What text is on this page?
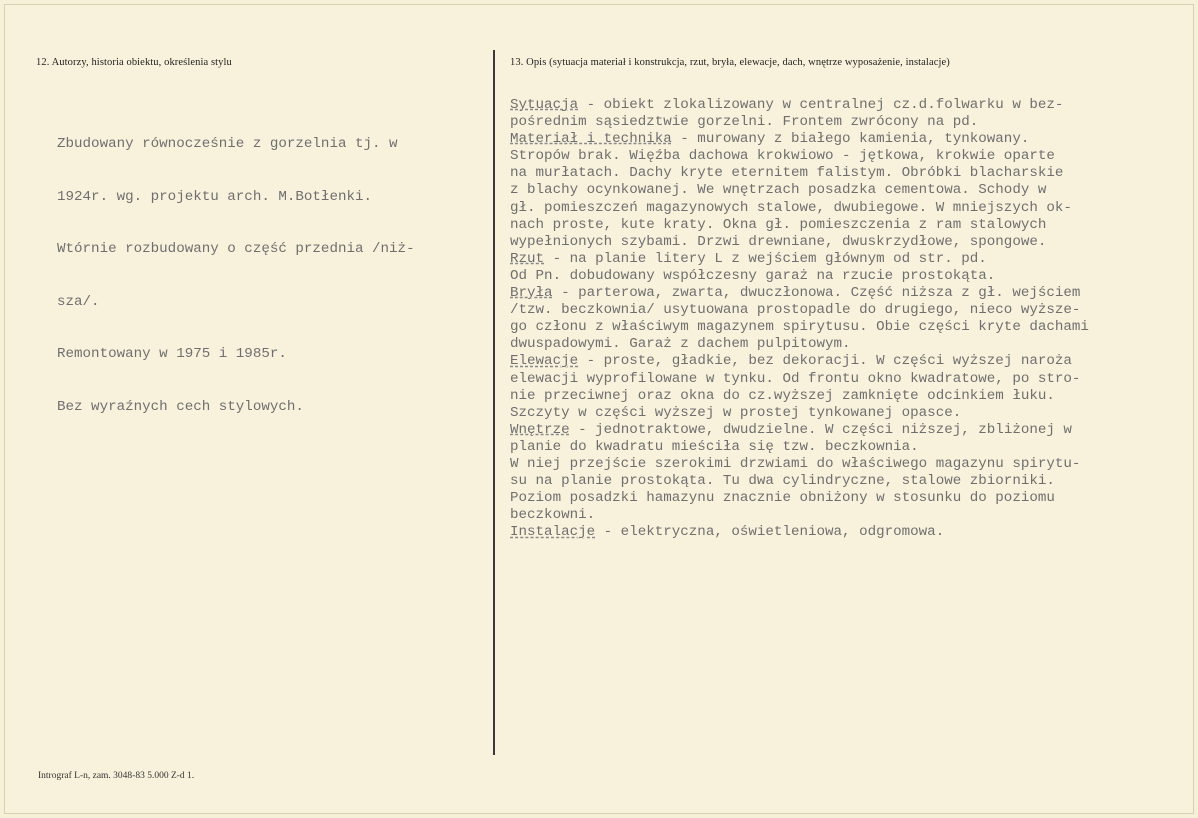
12. Autorzy, historia obiektu, określenia stylu	13. Opis (sytuacja materiał i konstrukcja, rzut, bryła, elewacje, dach, wnętrze wyposażenie, instalacje)

Zbudowany równocześnie z gorzelnia tj. w

1924r. wg. projektu arch. M.Botłenki.

Wtórnie rozbudowany o część przednia /niż-

sza/.

Remontowany w 1975 i 1985r.

Bez wyraźnych cech stylowych.

Sytuacja - obiekt zlokalizowany w centralnej cz.d.folwarku w bez-
pośrednim sąsiedztwie gorzelni. Frontem zwrócony na pd.
Materiał i technika - murowany z białego kamienia, tynkowany.
Stropów brak. Więźba dachowa krokwiowo - jętkowa, krokwie oparte
na murłatach. Dachy kryte eternitem falistym. Obróbki blacharskie
z blachy ocynkowanej. We wnętrzach posadzka cementowa. Schody w
gł. pomieszczeń magazynowych stalowe, dwubiegowe. W mniejszych ok-
nach proste, kute kraty. Okna gł. pomieszczenia z ram stalowych
wypełnionych szybami. Drzwi drewniane, dwuskrzydłowe, spongowe.
Rzut - na planie litery L z wejściem głównym od str. pd.
Od Pn. dobudowany współczesny garaż na rzucie prostokąta.
Bryła - parterowa, zwarta, dwuczłonowa. Część niższa z gł. wejściem
/tzw. beczkownia/ usytuowana prostopadle do drugiego, nieco wyższe-
go członu z właściwym magazynem spirytusu. Obie części kryte dachami
dwuspadowymi. Garaż z dachem pulpitowym.
Elewacje - proste, gładkie, bez dekoracji. W części wyższej naroża
elewacji wyprofilowane w tynku. Od frontu okno kwadratowe, po stro-
nie przeciwnej oraz okna do cz.wyższej zamknięte odcinkiem łuku.
Szczyty w części wyższej w prostej tynkowanej opasce.
Wnętrze - jednotraktowe, dwudzielne. W części niższej, zbliżonej w
planie do kwadratu mieściła się tzw. beczkownia.
W niej przejście szerokimi drzwiami do właściwego magazynu spirytu-
su na planie prostokąta. Tu dwa cylindryczne, stalowe zbiorniki.
Poziom posadzki hamazynu znacznie obniżony w stosunku do poziomu
beczkowni.
Instalacje - elektryczna, oświetleniowa, odgromowa.
Intrograf L-n, zam. 3048-83 5.000 Z-d 1.
